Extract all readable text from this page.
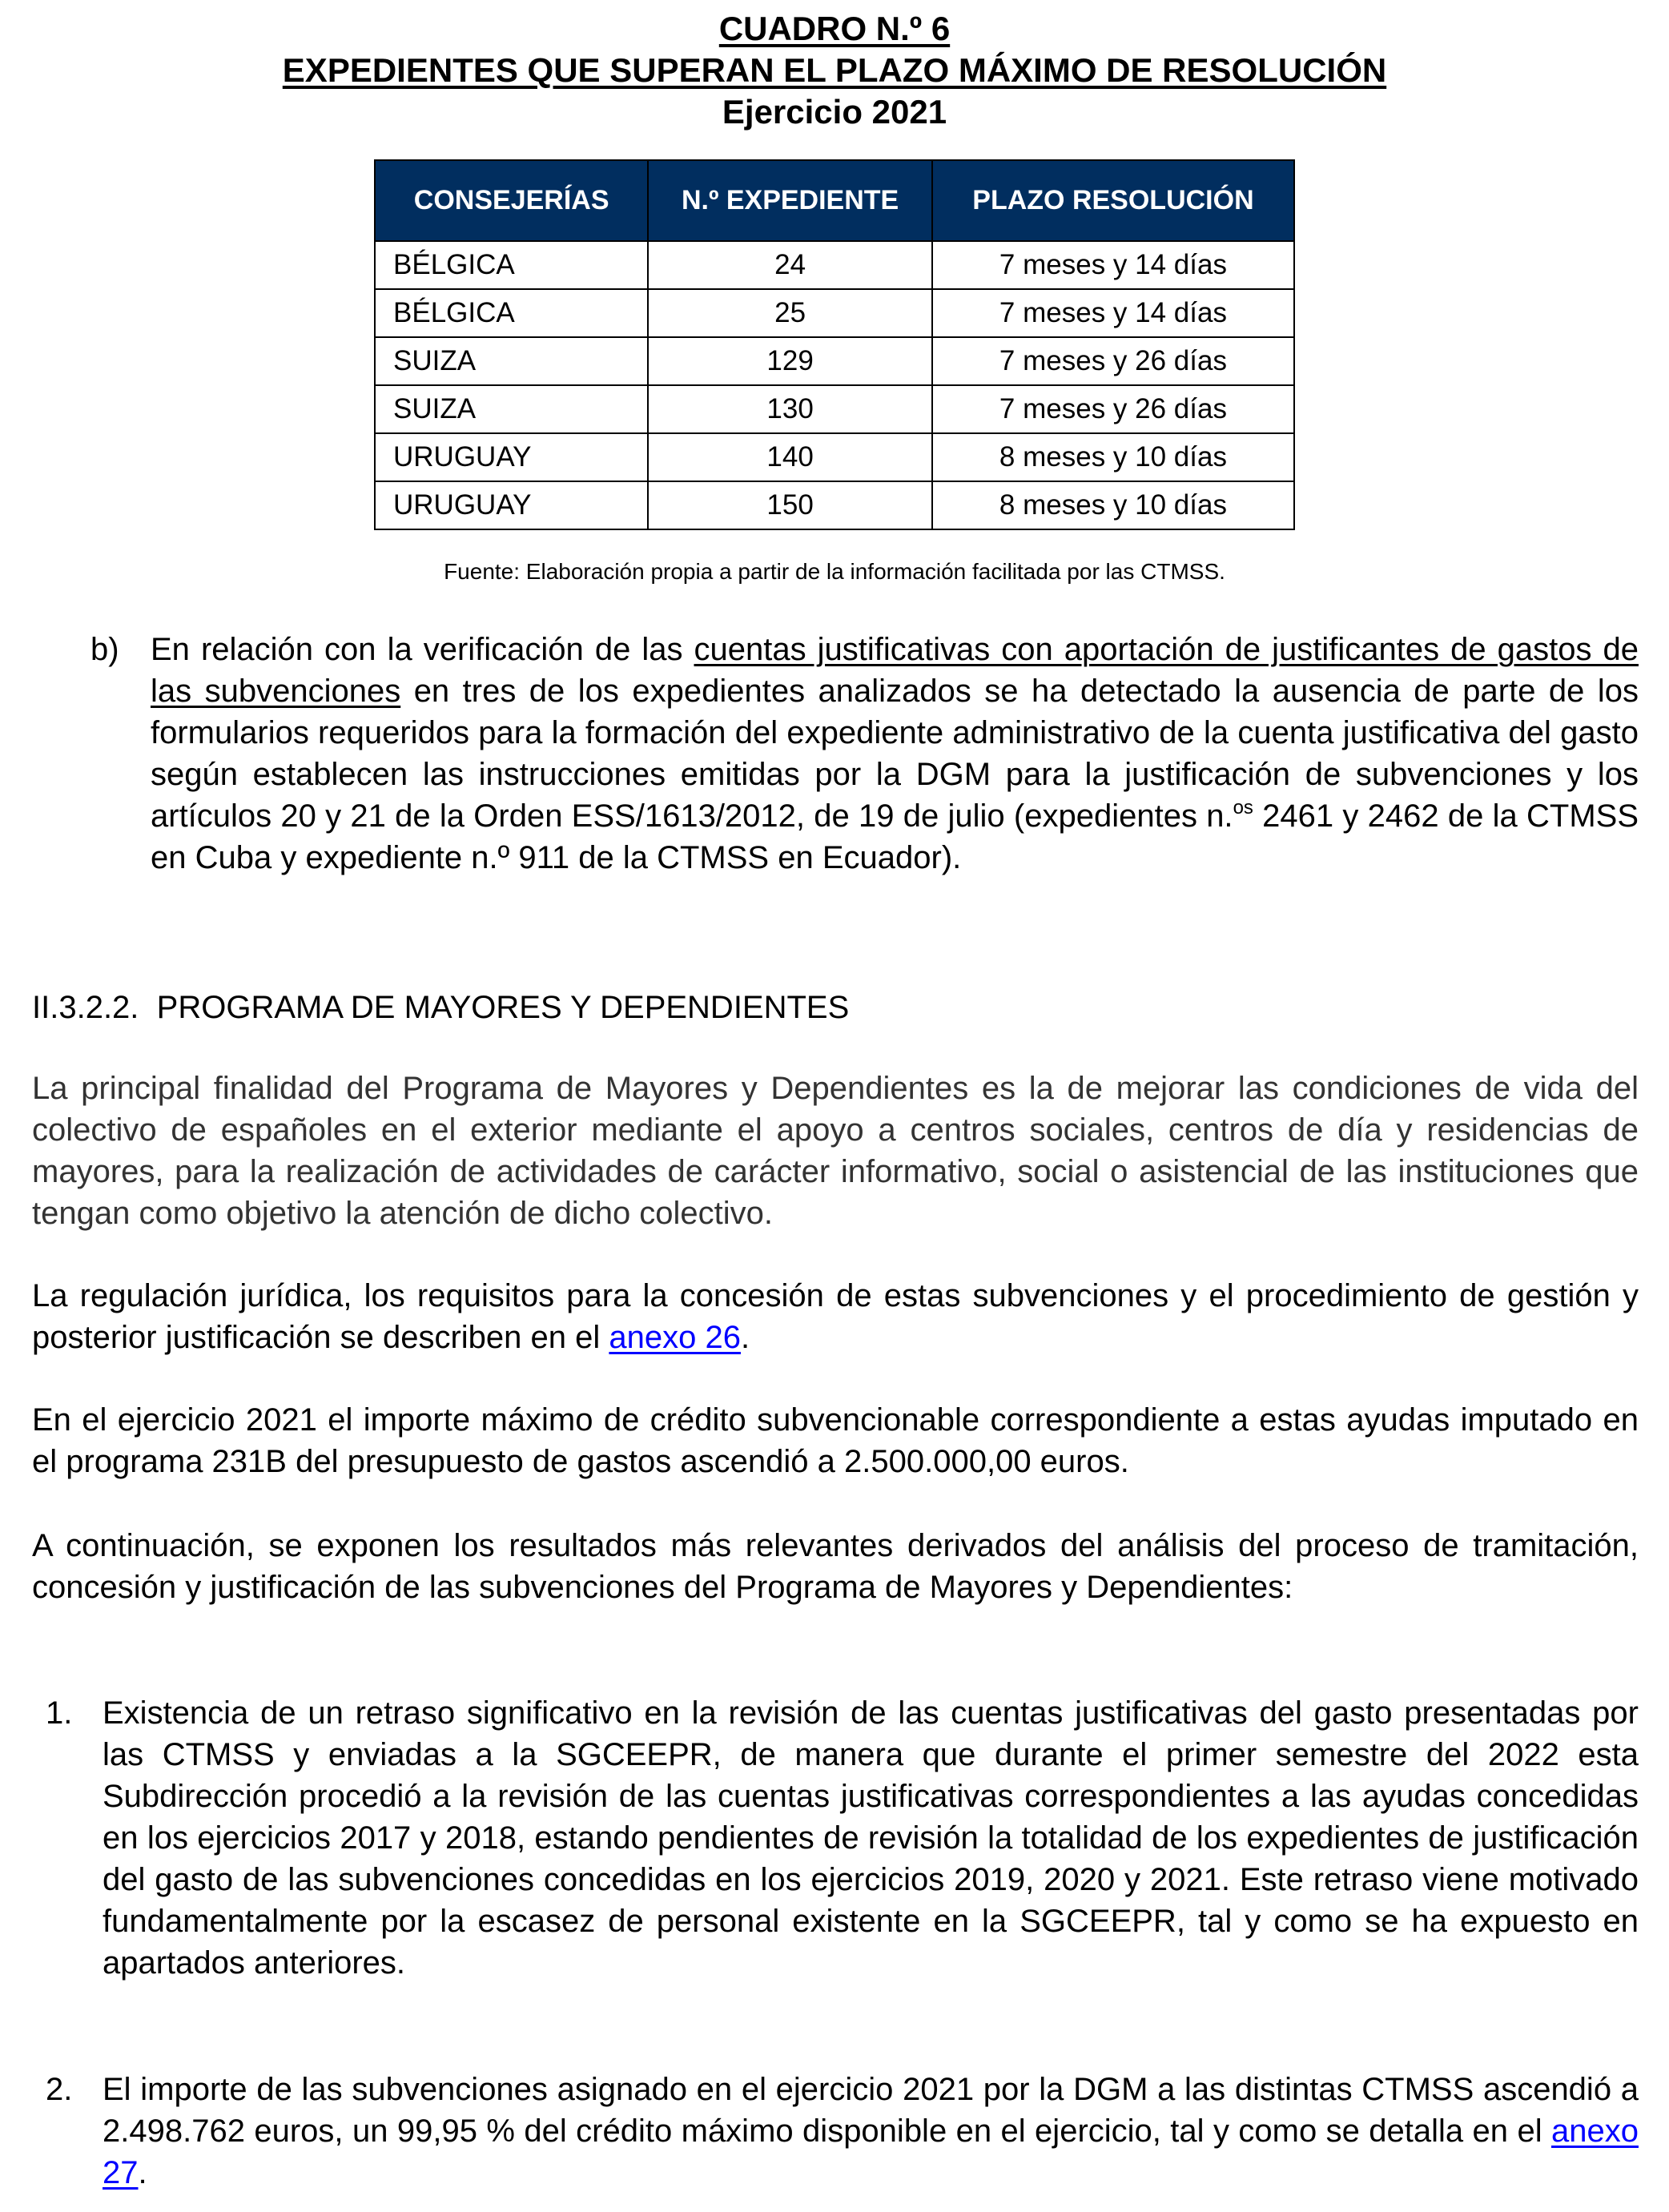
CUADRO N.º 6
EXPEDIENTES QUE SUPERAN EL PLAZO MÁXIMO DE RESOLUCIÓN
Ejercicio 2021
CONSEJERÍAS	N.º EXPEDIENTE	PLAZO RESOLUCIÓN
BÉLGICA	24	7 meses y 14 días
BÉLGICA	25	7 meses y 14 días
SUIZA	129	7 meses y 26 días
SUIZA	130	7 meses y 26 días
URUGUAY	140	8 meses y 10 días
URUGUAY	150	8 meses y 10 días
Fuente: Elaboración propia a partir de la información facilitada por las CTMSS.
b) En relación con la verificación de las cuentas justificativas con aportación de justificantes de gastos de las subvenciones en tres de los expedientes analizados se ha detectado la ausencia de parte de los formularios requeridos para la formación del expediente administrativo de la cuenta justificativa del gasto según establecen las instrucciones emitidas por la DGM para la justificación de subvenciones y los artículos 20 y 21 de la Orden ESS/1613/2012, de 19 de julio (expedientes n.$^{os}$ 2461 y 2462 de la CTMSS en Cuba y expediente n.º 911 de la CTMSS en Ecuador).
II.3.2.2.  PROGRAMA DE MAYORES Y DEPENDIENTES
La principal finalidad del Programa de Mayores y Dependientes es la de mejorar las condiciones de vida del colectivo de españoles en el exterior mediante el apoyo a centros sociales, centros de día y residencias de mayores, para la realización de actividades de carácter informativo, social o asistencial de las instituciones que tengan como objetivo la atención de dicho colectivo.
La regulación jurídica, los requisitos para la concesión de estas subvenciones y el procedimiento de gestión y posterior justificación se describen en el anexo 26.
En el ejercicio 2021 el importe máximo de crédito subvencionable correspondiente a estas ayudas imputado en el programa 231B del presupuesto de gastos ascendió a 2.500.000,00 euros.
A continuación, se exponen los resultados más relevantes derivados del análisis del proceso de tramitación, concesión y justificación de las subvenciones del Programa de Mayores y Dependientes:
1. Existencia de un retraso significativo en la revisión de las cuentas justificativas del gasto presentadas por las CTMSS y enviadas a la SGCEEPR, de manera que durante el primer semestre del 2022 esta Subdirección procedió a la revisión de las cuentas justificativas correspondientes a las ayudas concedidas en los ejercicios 2017 y 2018, estando pendientes de revisión la totalidad de los expedientes de justificación del gasto de las subvenciones concedidas en los ejercicios 2019, 2020 y 2021. Este retraso viene motivado fundamentalmente por la escasez de personal existente en la SGCEEPR, tal y como se ha expuesto en apartados anteriores.
2. El importe de las subvenciones asignado en el ejercicio 2021 por la DGM a las distintas CTMSS ascendió a 2.498.762 euros, un 99,95 % del crédito máximo disponible en el ejercicio, tal y como se detalla en el anexo 27.
